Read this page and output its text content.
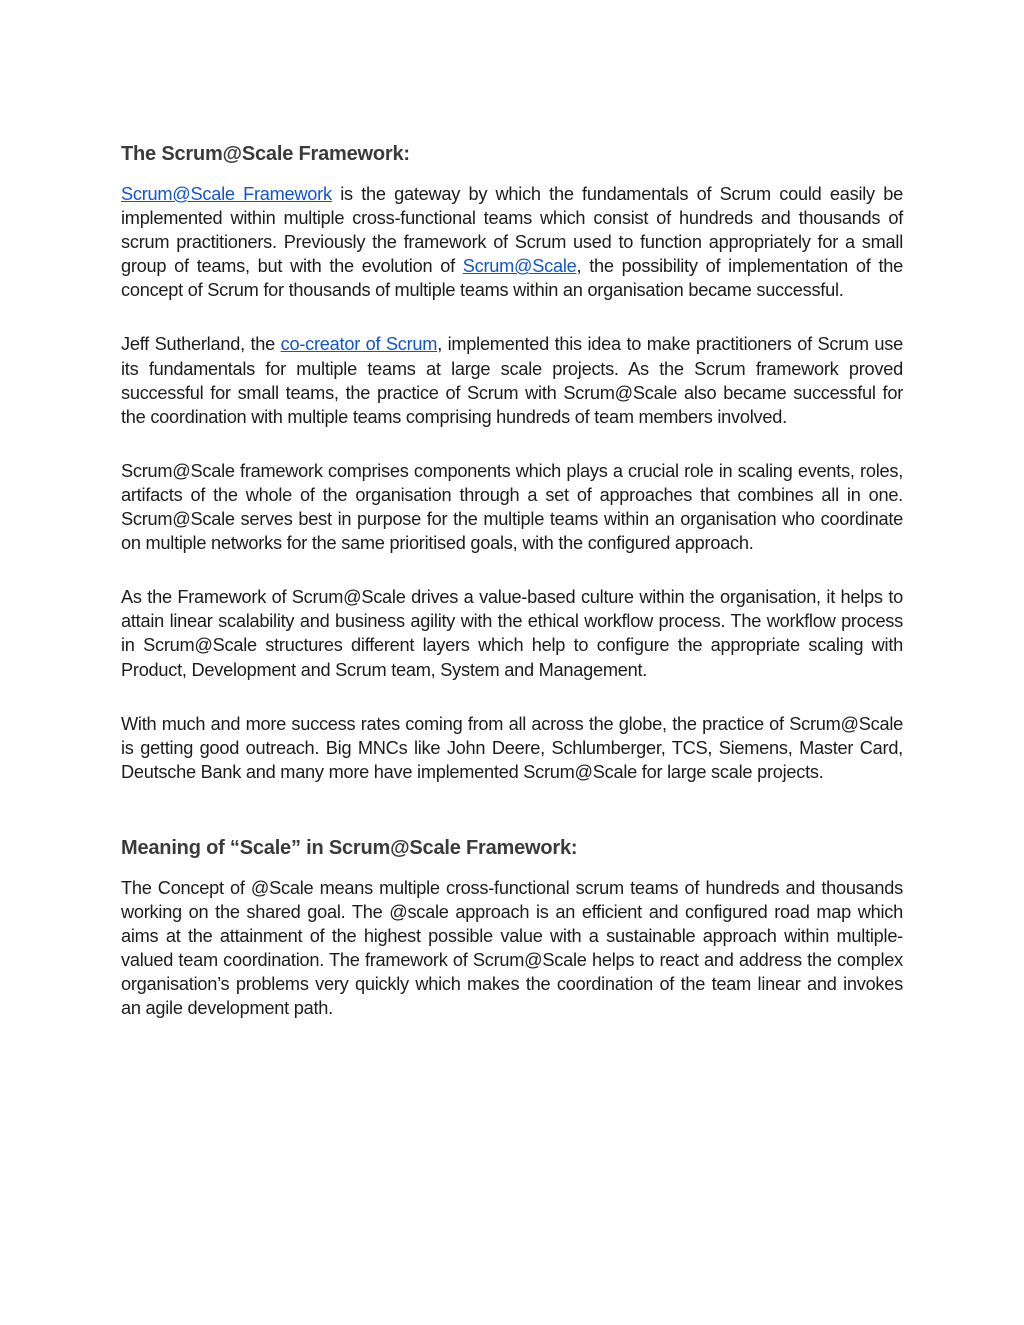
The Scrum@Scale Framework:

Scrum@Scale Framework is the gateway by which the fundamentals of Scrum could easily be implemented within multiple cross-functional teams which consist of hundreds and thousands of scrum practitioners. Previously the framework of Scrum used to function appropriately for a small group of teams, but with the evolution of Scrum@Scale, the possibility of implementation of the concept of Scrum for thousands of multiple teams within an organisation became successful.

Jeff Sutherland, the co-creator of Scrum, implemented this idea to make practitioners of Scrum use its fundamentals for multiple teams at large scale projects. As the Scrum framework proved successful for small teams, the practice of Scrum with Scrum@Scale also became successful for the coordination with multiple teams comprising hundreds of team members involved.

Scrum@Scale framework comprises components which plays a crucial role in scaling events, roles, artifacts of the whole of the organisation through a set of approaches that combines all in one. Scrum@Scale serves best in purpose for the multiple teams within an organisation who coordinate on multiple networks for the same prioritised goals, with the configured approach.

As the Framework of Scrum@Scale drives a value-based culture within the organisation, it helps to attain linear scalability and business agility with the ethical workflow process. The workflow process in Scrum@Scale structures different layers which help to configure the appropriate scaling with Product, Development and Scrum team, System and Management.

With much and more success rates coming from all across the globe, the practice of Scrum@Scale is getting good outreach. Big MNCs like John Deere, Schlumberger, TCS, Siemens, Master Card, Deutsche Bank and many more have implemented Scrum@Scale for large scale projects.

Meaning of “Scale” in Scrum@Scale Framework:

The Concept of @Scale means multiple cross-functional scrum teams of hundreds and thousands working on the shared goal. The @scale approach is an efficient and configured road map which aims at the attainment of the highest possible value with a sustainable approach within multiple-valued team coordination. The framework of Scrum@Scale helps to react and address the complex organisation’s problems very quickly which makes the coordination of the team linear and invokes an agile development path.
